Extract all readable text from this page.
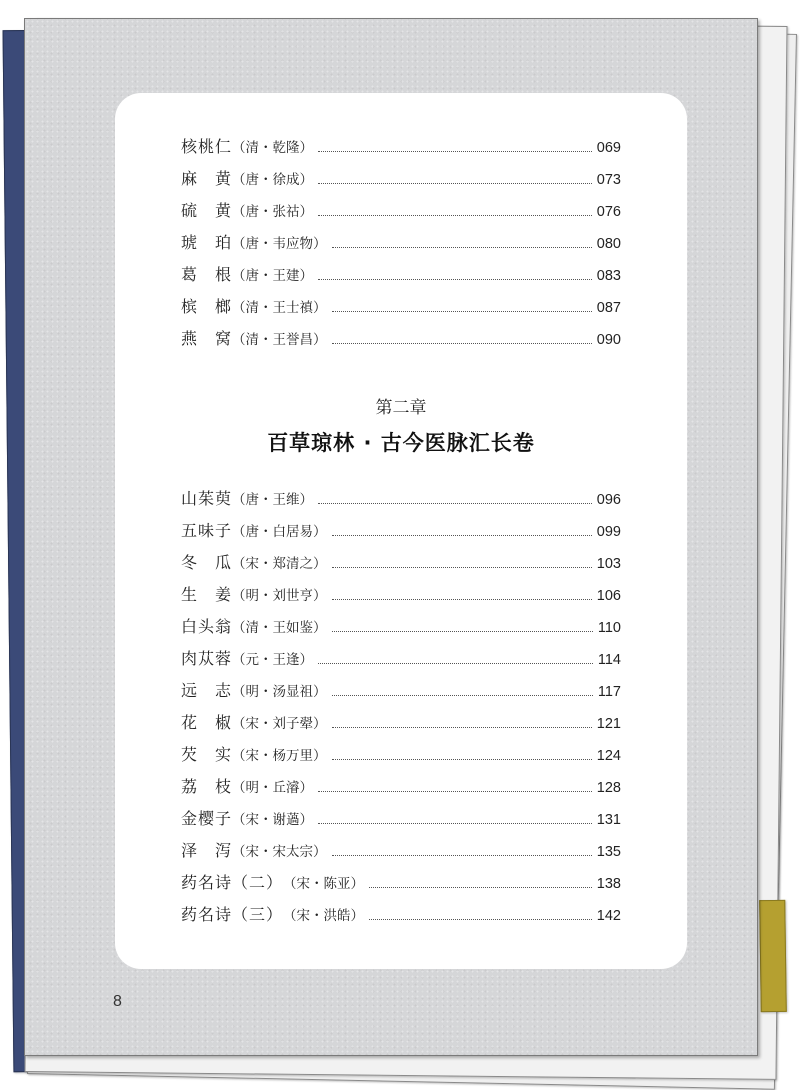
核桃仁 （清・乾隆）	069
麻　黄 （唐・徐成）	073
硫　黄 （唐・张祜）	076
琥　珀 （唐・韦应物）	080
葛　根 （唐・王建）	083
槟　榔 （清・王士禛）	087
燕　窝 （清・王誉昌）	090
第二章
百草琼林 · 古今医脉汇长卷
山茱萸 （唐・王维）	096
五味子 （唐・白居易）	099
冬　瓜 （宋・郑清之）	103
生　姜 （明・刘世亨）	106
白头翁 （清・王如鉴）	110
肉苁蓉 （元・王逢）	114
远　志 （明・汤显祖）	117
花　椒 （宋・刘子翚）	121
芡　实 （宋・杨万里）	124
荔　枝 （明・丘濬）	128
金樱子 （宋・谢薖）	131
泽　泻 （宋・宋太宗）	135
药名诗（二） （宋・陈亚）	138
药名诗（三） （宋・洪皓）	142
8
